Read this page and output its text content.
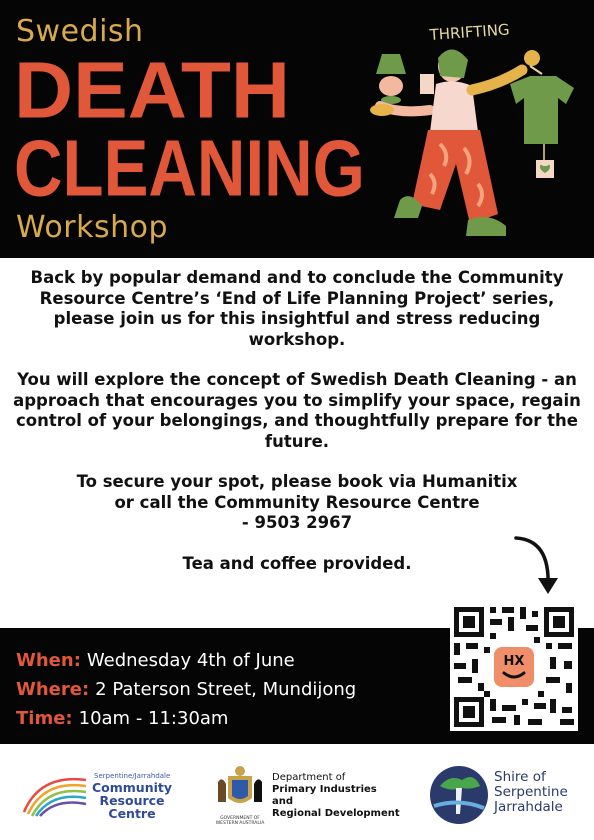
Swedish
DEATH
CLEANING
Workshop
THRIFTING

Back by popular demand and to conclude the Community Resource Centre’s ‘End of Life Planning Project’ series, please join us for this insightful and stress reducing workshop.

You will explore the concept of Swedish Death Cleaning - an approach that encourages you to simplify your space, regain control of your belongings, and thoughtfully prepare for the future.

To secure your spot, please book via Humanitix
or call the Community Resource Centre
- 9503 2967

Tea and coffee provided.

When: Wednesday 4th of June
Where: 2 Paterson Street, Mundijong
Time: 10am - 11:30am
HX
Serpentine/Jarrahdale
Community Resource Centre	GOVERNMENT OF WESTERN AUSTRALIA
Department of
Primary Industries and
Regional Development
Shire of
Serpentine
Jarrahdale
